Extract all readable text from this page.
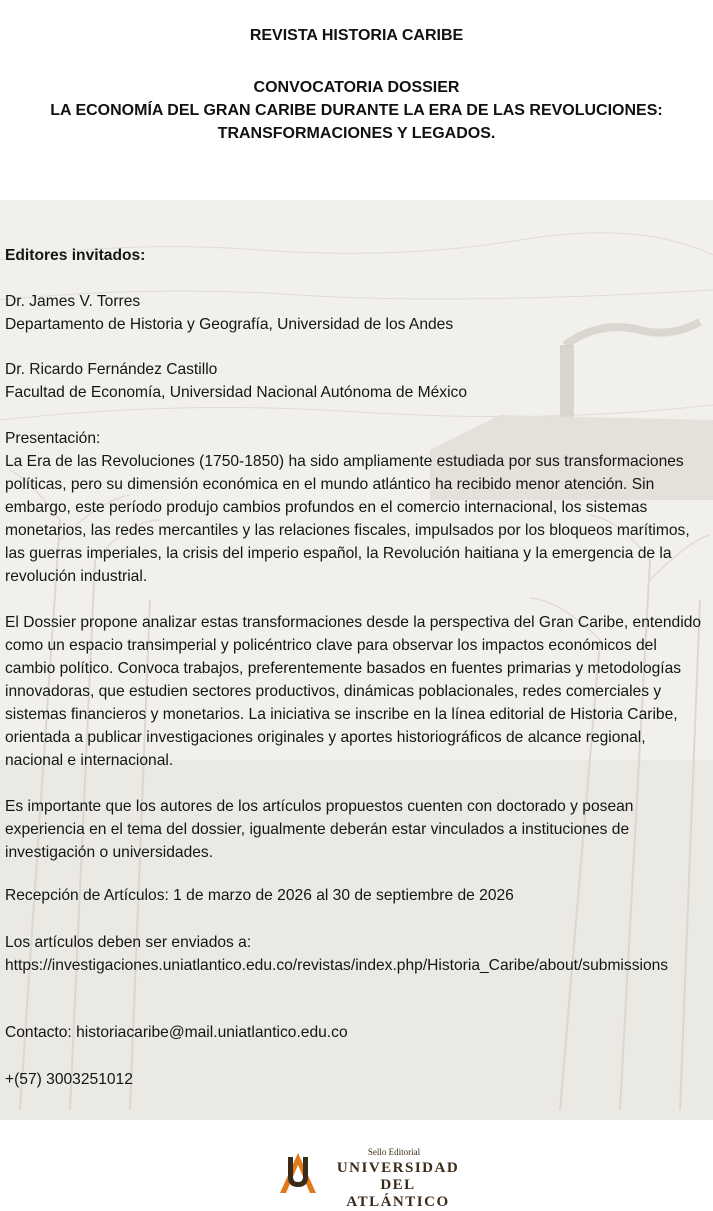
REVISTA HISTORIA CARIBE
CONVOCATORIA DOSSIER
LA ECONOMÍA DEL GRAN CARIBE DURANTE LA ERA DE LAS REVOLUCIONES:
TRANSFORMACIONES Y LEGADOS.

Editores invitados:

Dr. James V. Torres

Departamento de Historia y Geografía, Universidad de los Andes

Dr. Ricardo Fernández Castillo

Facultad de Economía, Universidad Nacional Autónoma de México

Presentación:

La Era de las Revoluciones (1750-1850) ha sido ampliamente estudiada por sus transformaciones políticas, pero su dimensión económica en el mundo atlántico ha recibido menor atención. Sin embargo, este período produjo cambios profundos en el comercio internacional, los sistemas monetarios, las redes mercantiles y las relaciones fiscales, impulsados por los bloqueos marítimos, las guerras imperiales, la crisis del imperio español, la Revolución haitiana y la emergencia de la revolución industrial.

El Dossier propone analizar estas transformaciones desde la perspectiva del Gran Caribe, entendido como un espacio transimperial y policéntrico clave para observar los impactos económicos del cambio político. Convoca trabajos, preferentemente basados en fuentes primarias y metodologías innovadoras, que estudien sectores productivos, dinámicas poblacionales, redes comerciales y sistemas financieros y monetarios. La iniciativa se inscribe en la línea editorial de Historia Caribe, orientada a publicar investigaciones originales y aportes historiográficos de alcance regional, nacional e internacional.
Es importante que los autores de los artículos propuestos cuenten con doctorado y posean experiencia en el tema del dossier, igualmente deberán estar vinculados a instituciones de investigación o universidades.
Recepción de Artículos: 1 de marzo de 2026 al 30 de septiembre de 2026

Los artículos deben ser enviados a:

https://investigaciones.uniatlantico.edu.co/revistas/index.php/Historia_Caribe/about/submissions

Contacto: historiacaribe@mail.uniatlantico.edu.co
+(57) 3003251012
Sello Editorial
UNIVERSIDAD
DEL ATLÁNTICO
